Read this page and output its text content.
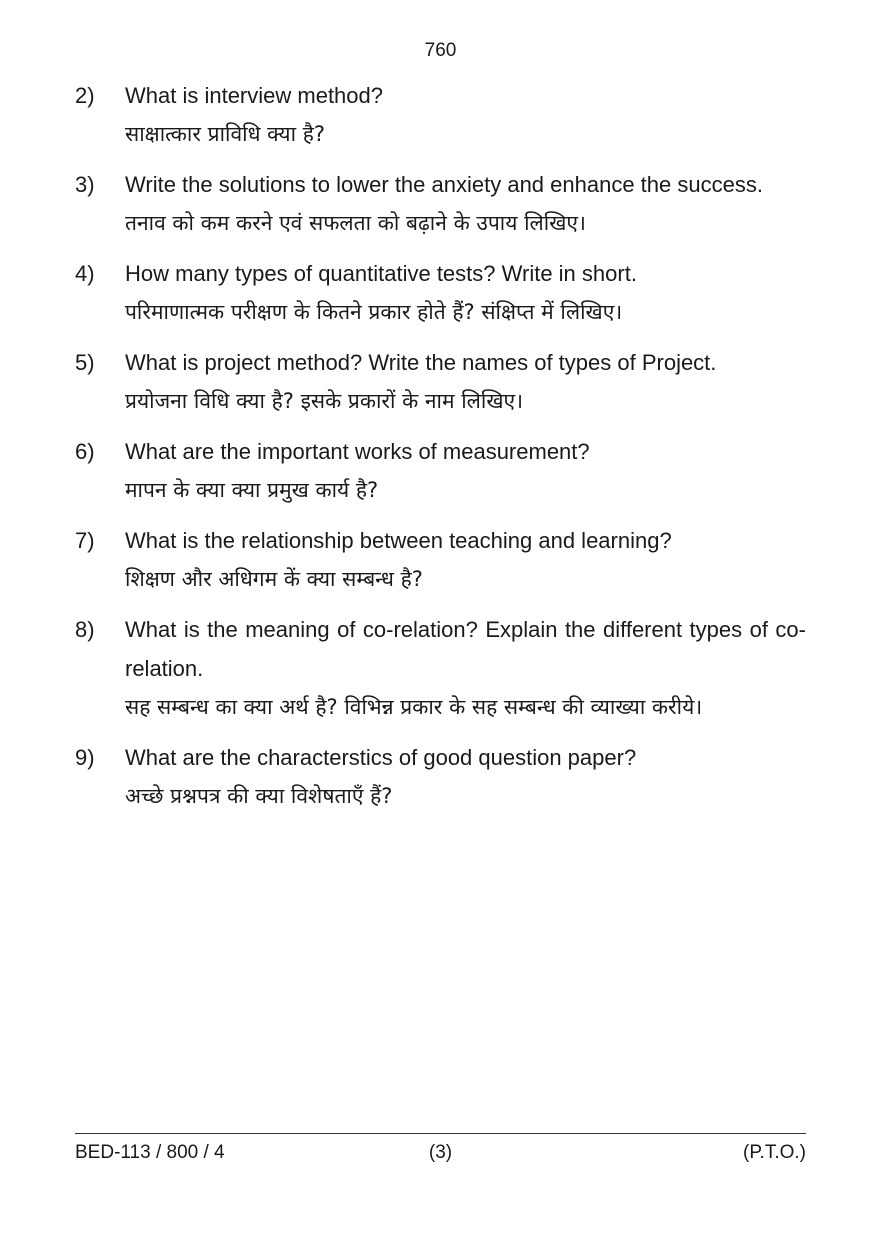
760
2)	What is interview method?
साक्षात्कार प्राविधि क्या है?
3)	Write the solutions to lower the anxiety and enhance the success.
तनाव को कम करने एवं सफलता को बढ़ाने के उपाय लिखिए।
4)	How many types of quantitative tests? Write in short.
परिमाणात्मक परीक्षण के कितने प्रकार होते हैं? संक्षिप्त में लिखिए।
5)	What is project method? Write the names of types of Project.
प्रयोजना विधि क्या है? इसके प्रकारों के नाम लिखिए।
6)	What are the important works of measurement?
मापन के क्या क्या प्रमुख कार्य है?
7)	What is the relationship between teaching and learning?
शिक्षण और अधिगम कें क्या सम्बन्ध है?
8)	What is the meaning of co-relation? Explain the different types of co-relation.
सह सम्बन्ध का क्या अर्थ है? विभिन्न प्रकार के सह सम्बन्ध की व्याख्या करीये।
9)	What are the characterstics of good question paper?
अच्छे प्रश्नपत्र की क्या विशेषताएँ हैं?
(3)
BED-113 / 800 / 4	(P.T.O.)
